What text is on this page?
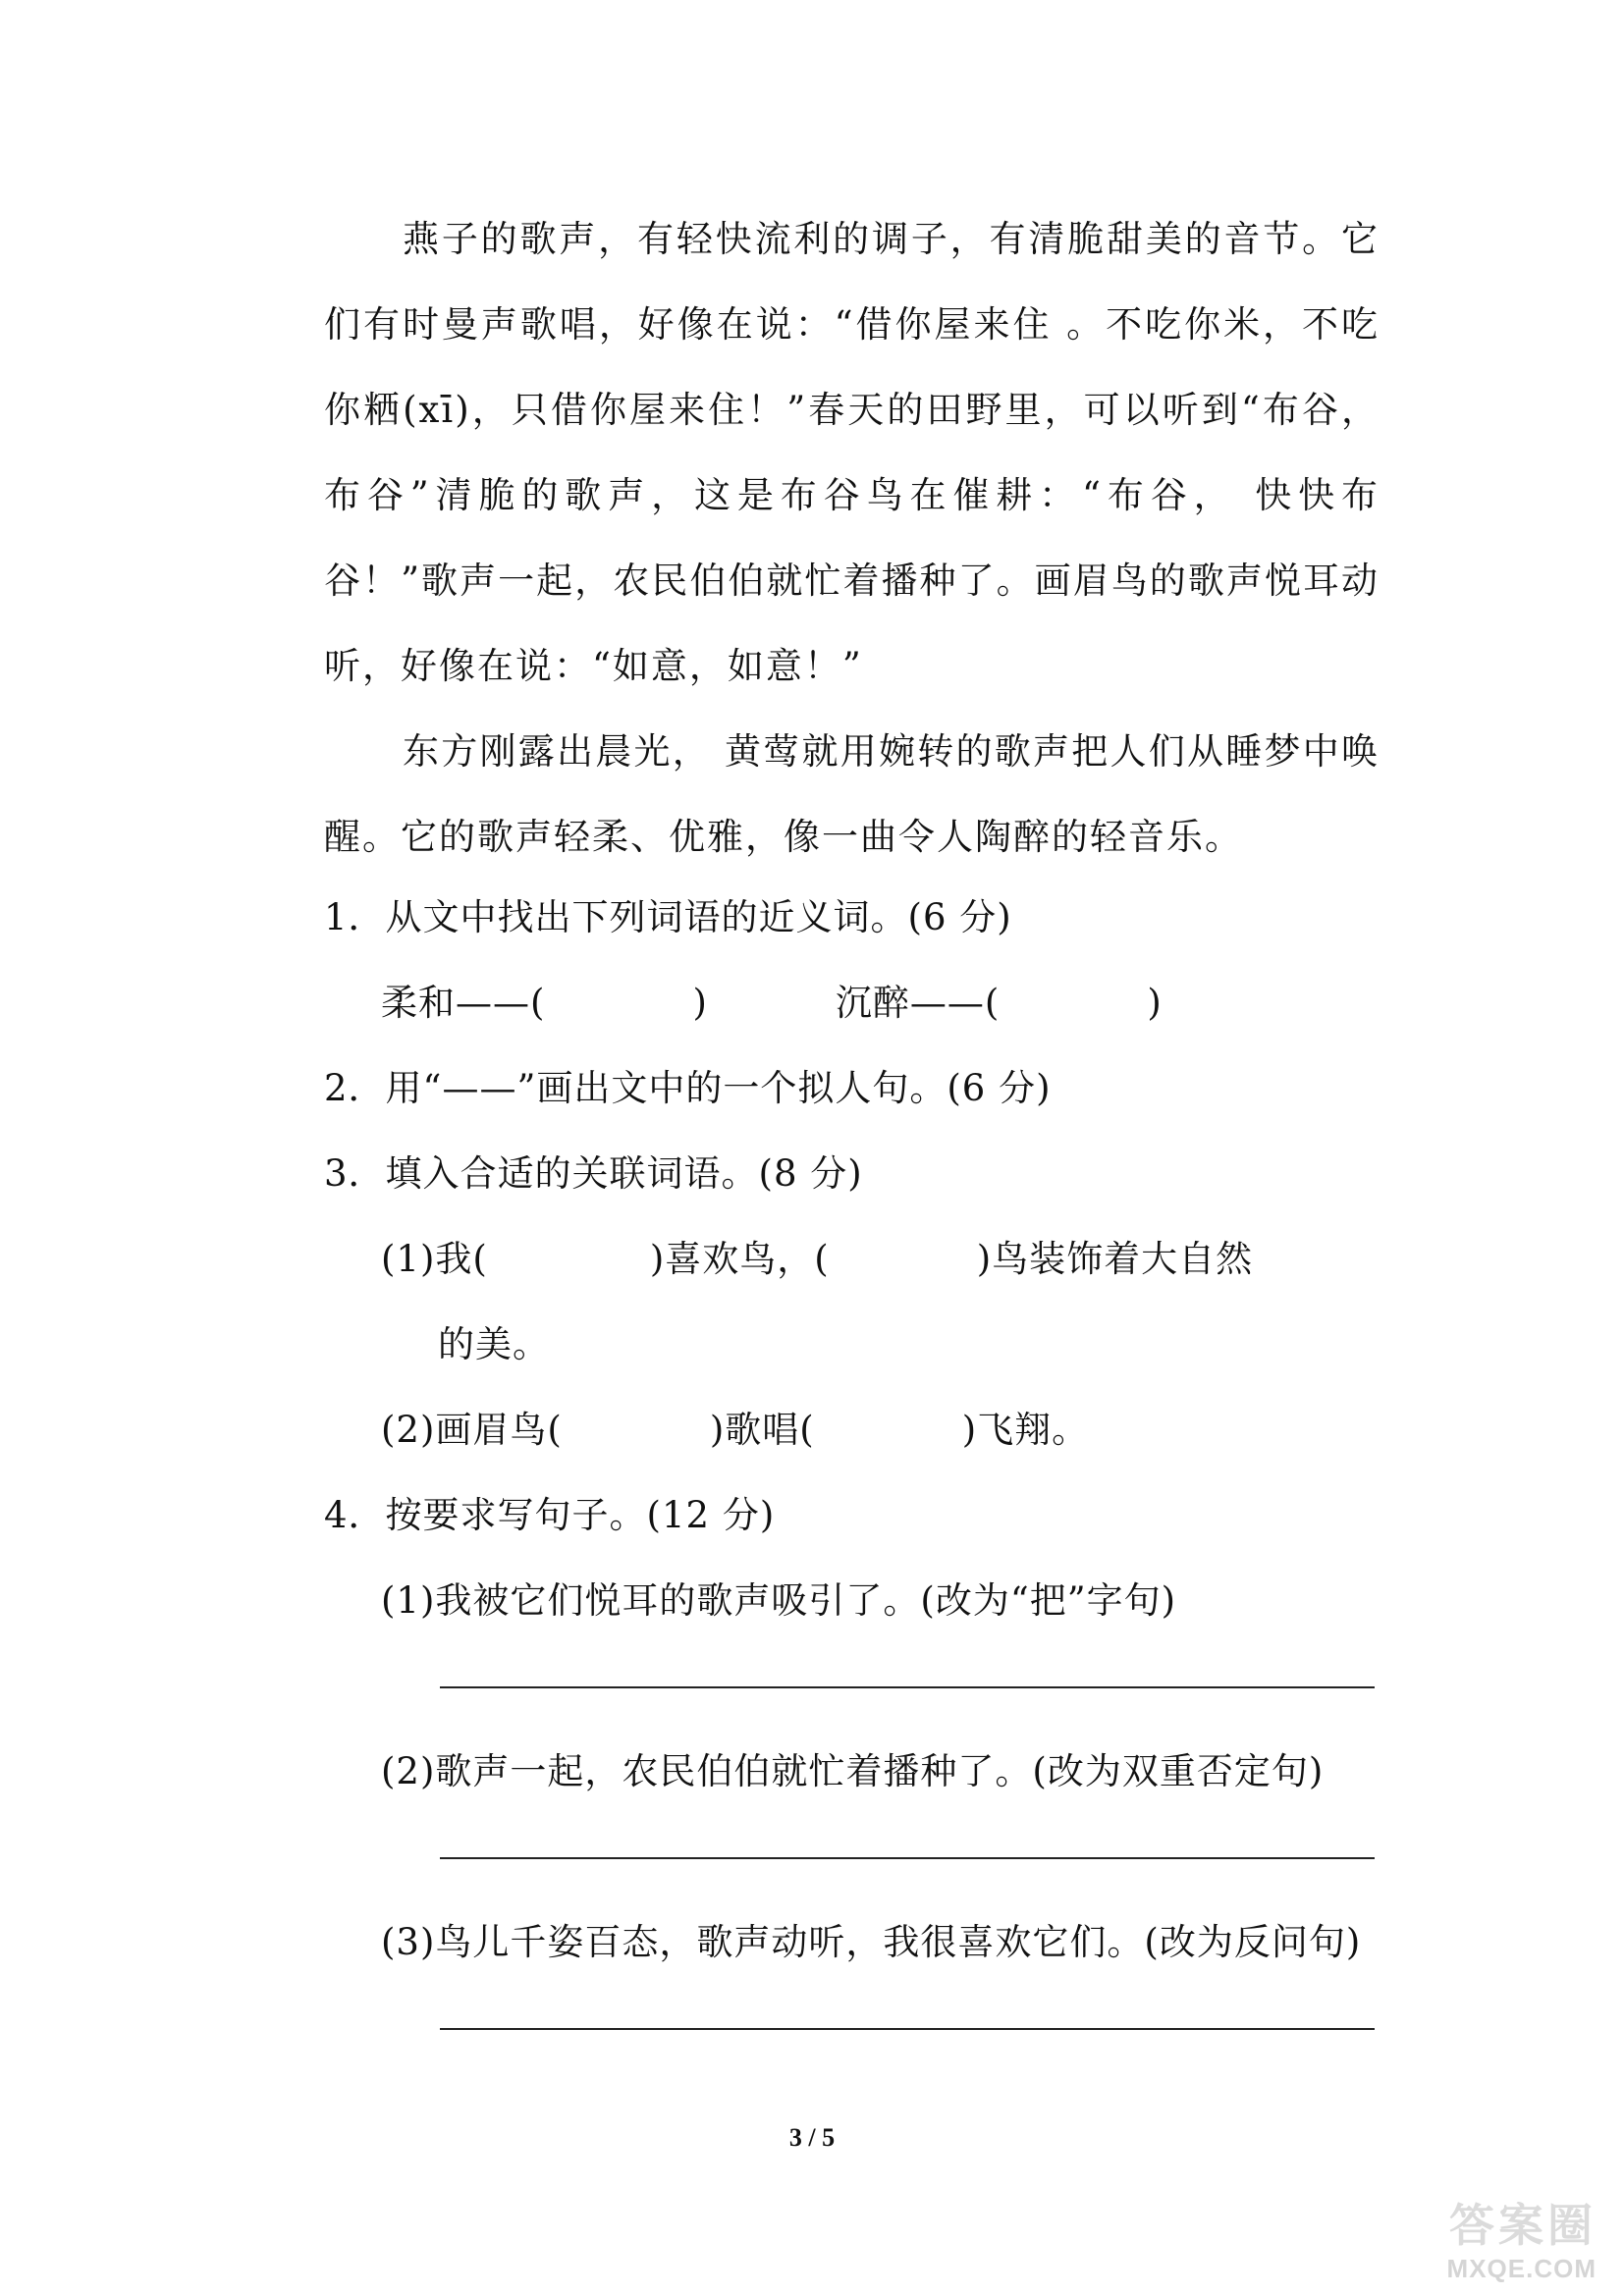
燕子的歌声，有轻快流利的调子，有清脆甜美的音节。它们有时曼声歌唱，好像在说：“借你屋来住 。不吃你米，不吃你粞(xī)，只借你屋来住！”春天的田野里，可以听到“布谷，布谷”清脆的歌声，这是布谷鸟在催耕：“布谷， 快快布谷！”歌声一起，农民伯伯就忙着播种了。画眉鸟的歌声悦耳动听，好像在说：“如意，如意！”

东方刚露出晨光， 黄莺就用婉转的歌声把人们从睡梦中唤醒。它的歌声轻柔、优雅，像一曲令人陶醉的轻音乐。

1．从文中找出下列词语的近义词。(6 分)

柔和——(	)	沉醉——(	)

2．用“——”画出文中的一个拟人句。(6 分)

3．填入合适的关联词语。(8 分)

(1)我(	)喜欢鸟，(	)鸟装饰着大自然

的美。

(2)画眉鸟(	)歌唱(	)飞翔。

4．按要求写句子。(12 分)

(1)我被它们悦耳的歌声吸引了。(改为“把”字句)

(2)歌声一起，农民伯伯就忙着播种了。(改为双重否定句)

(3)鸟儿千姿百态，歌声动听，我很喜欢它们。(改为反问句)

3 / 5
答案圈
MXQE.COM
